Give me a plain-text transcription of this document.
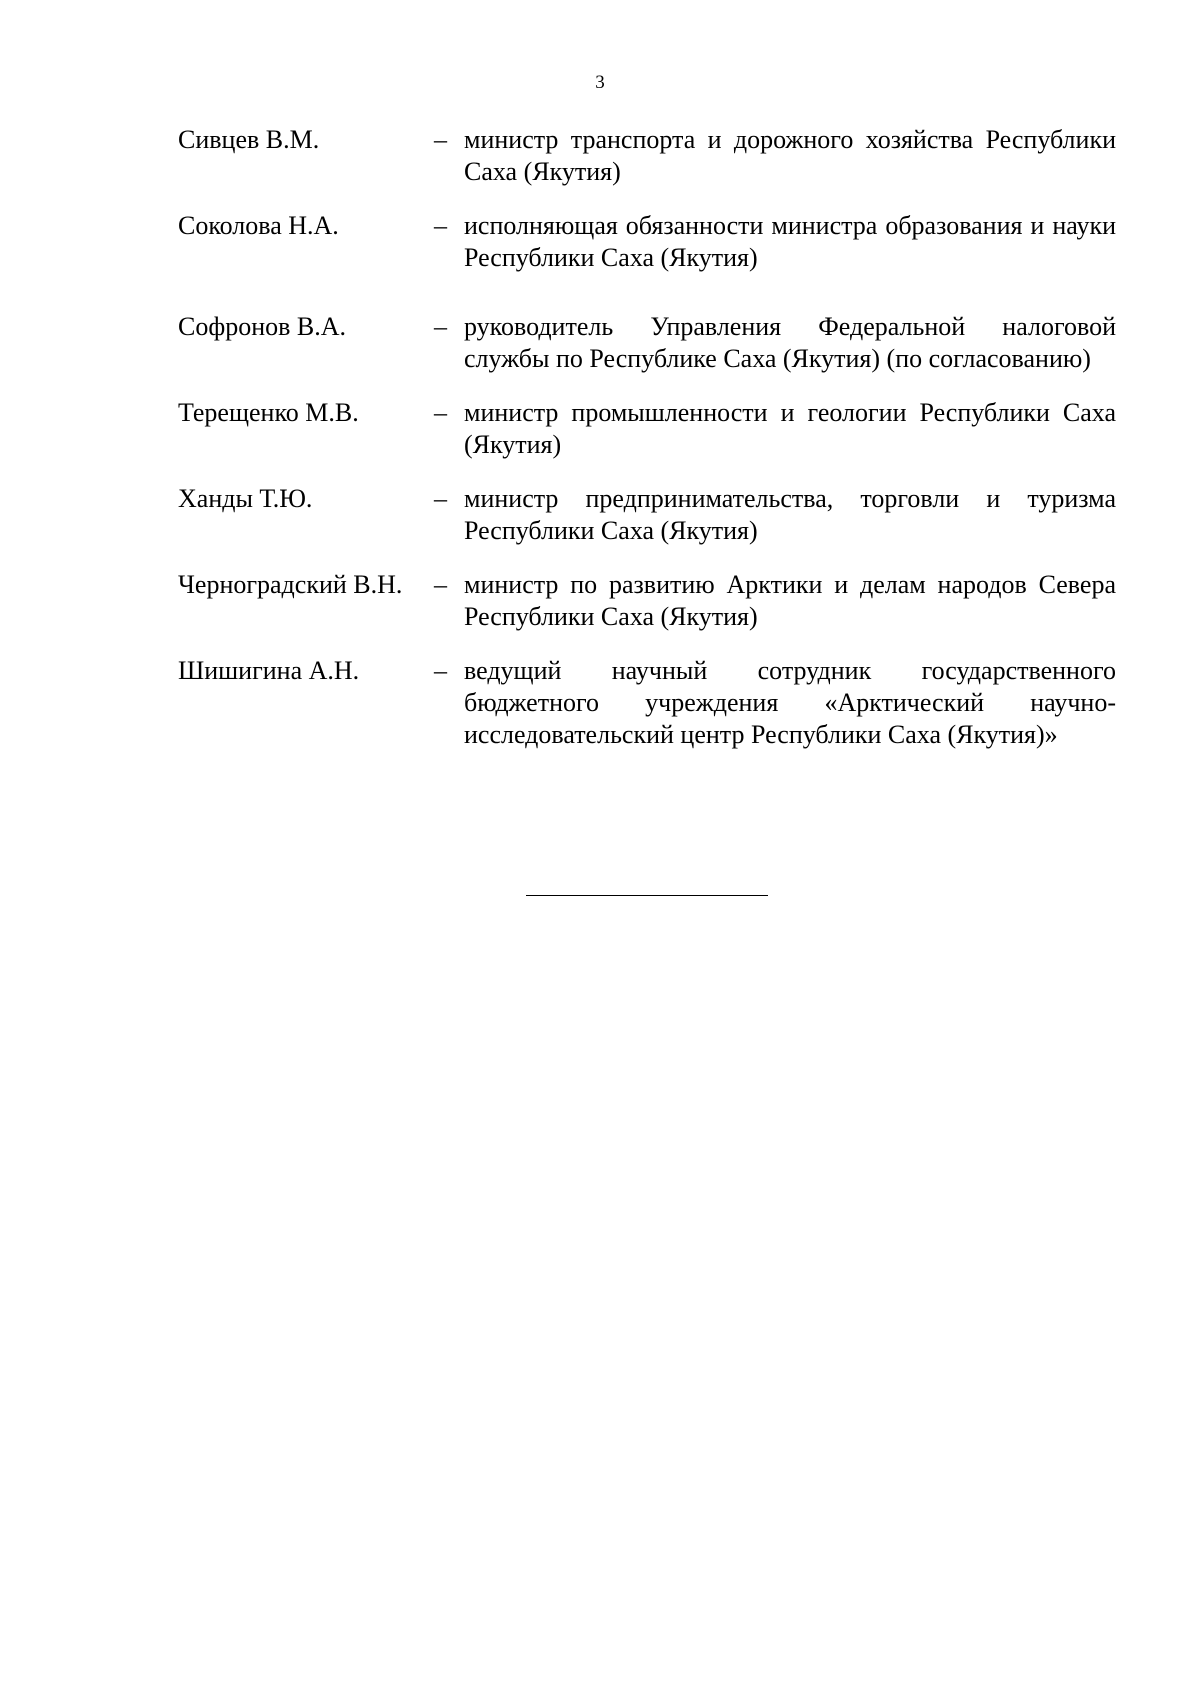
3
Сивцев В.М.	– министр транспорта и дорожного хозяйства Республики Саха (Якутия)
Соколова Н.А.	– исполняющая обязанности министра образования и науки Республики Саха (Якутия)
Софронов В.А.	– руководитель Управления Федеральной налоговой службы по Республике Саха (Якутия) (по согласованию)
Терещенко М.В.	– министр промышленности и геологии Республики Саха (Якутия)
Ханды Т.Ю.	– министр предпринимательства, торговли и туризма Республики Саха (Якутия)
Черноградский В.Н.	– министр по развитию Арктики и делам народов Севера Республики Саха (Якутия)
Шишигина А.Н.	– ведущий научный сотрудник государственного бюджетного учреждения «Арктический научно-исследовательский центр Республики Саха (Якутия)»
